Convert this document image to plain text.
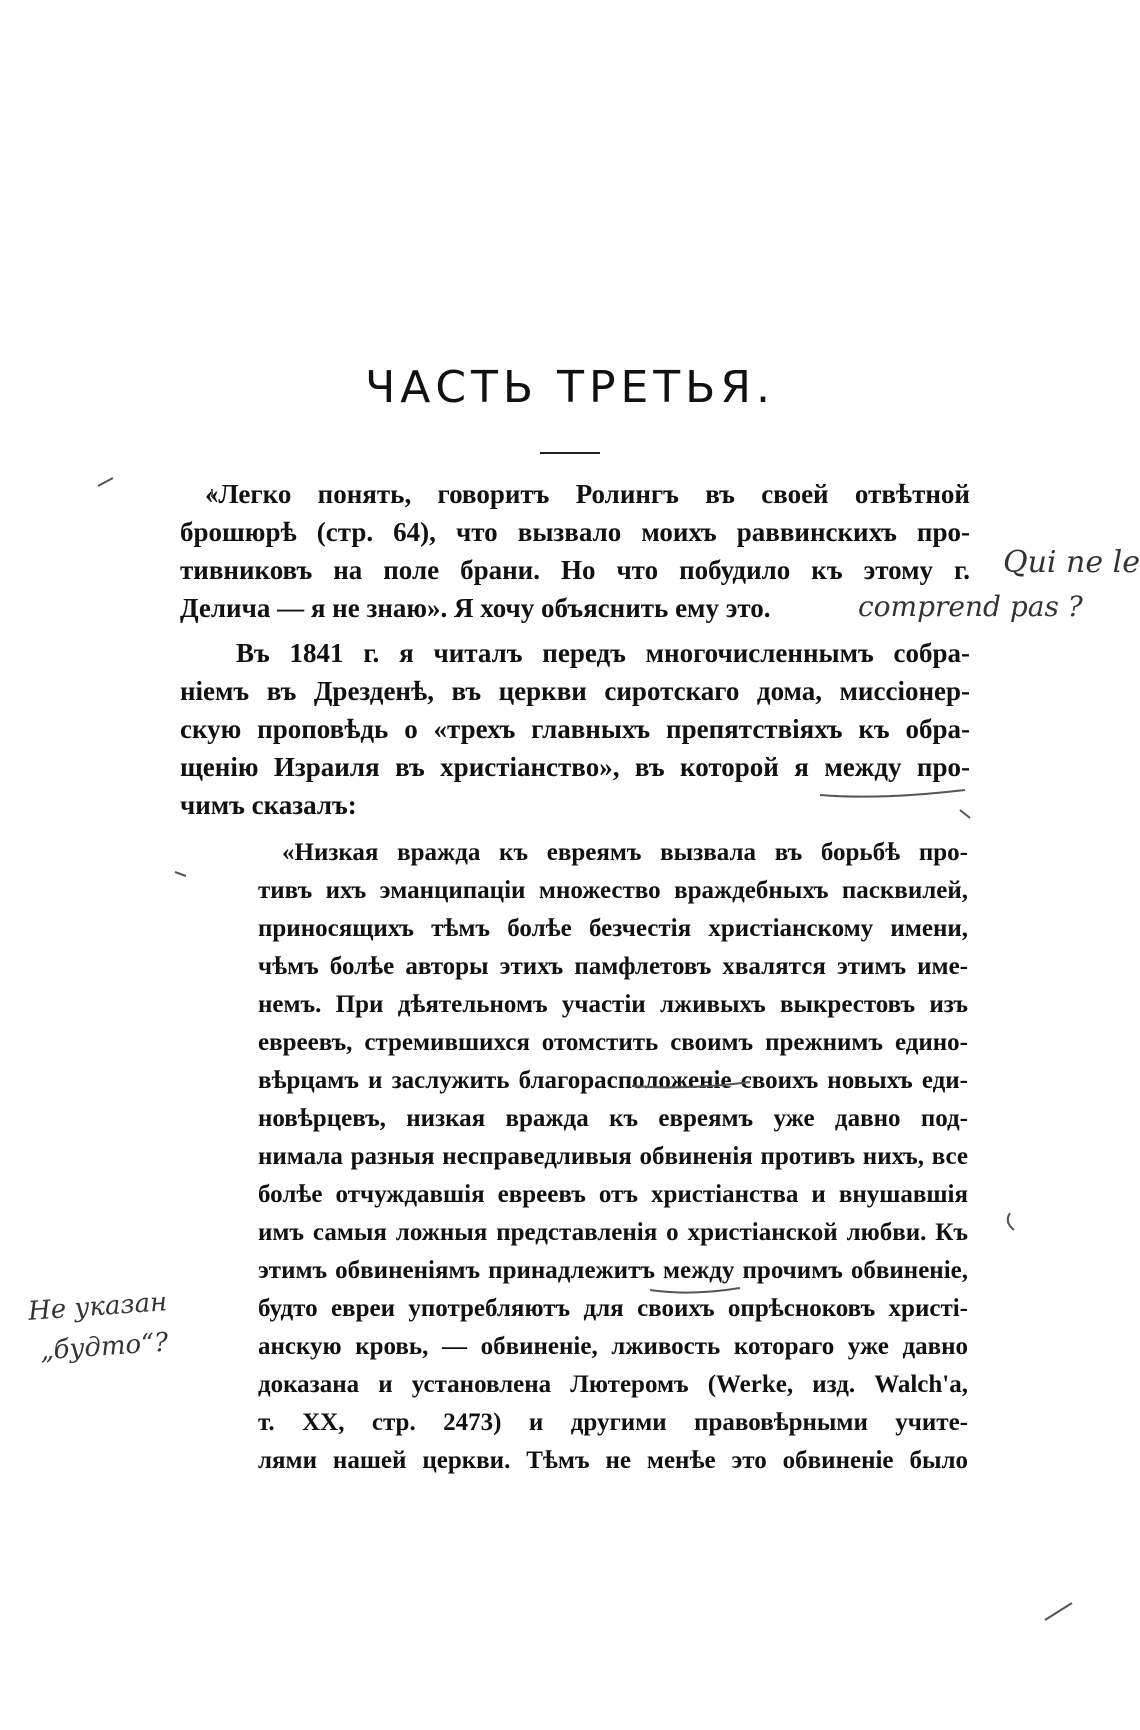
ЧАСТЬ ТРЕТЬЯ.
«Легко понять, говоритъ Ролингъ въ своей отвѣтной
брошюрѣ (стр. 64), что вызвало моихъ раввинскихъ про-
тивниковъ на поле брани. Но что побудило къ этому г.
Делича — я не знаю». Я хочу объяснить ему это.
Въ 1841 г. я читалъ передъ многочисленнымъ собра-
ніемъ въ Дрезденѣ, въ церкви сиротскаго дома, миссіонер-
скую проповѣдь о «трехъ главныхъ препятствіяхъ къ обра-
щенію Израиля въ христіанство», въ которой я между про-
чимъ сказалъ:
«Низкая вражда къ евреямъ вызвала въ борьбѣ про-
тивъ ихъ эманципаціи множество враждебныхъ пасквилей,
приносящихъ тѣмъ болѣе безчестія христіанскому имени,
чѣмъ болѣе авторы этихъ памфлетовъ хвалятся этимъ име-
немъ. При дѣятельномъ участіи лживыхъ выкрестовъ изъ
евреевъ, стремившихся отомстить своимъ прежнимъ едино-
вѣрцамъ и заслужить благорасположеніе своихъ новыхъ еди-
новѣрцевъ, низкая вражда къ евреямъ уже давно под-
нимала разныя несправедливыя обвиненія противъ нихъ, все
болѣе отчуждавшія евреевъ отъ христіанства и внушавшія
имъ самыя ложныя представленія о христіанской любви. Къ
этимъ обвиненіямъ принадлежитъ между прочимъ обвиненіе,
будто евреи употребляютъ для своихъ опрѣсноковъ христі-
анскую кровь, — обвиненіе, лживость котораго уже давно
доказана и установлена Лютеромъ (Werke, изд. Walch'a,
т. XX, стр. 2473) и другими правовѣрными учите-
лями нашей церкви. Тѣмъ не менѣе это обвиненіе было
Qui ne le
comprend pas ?
Не указан
„будто“?
